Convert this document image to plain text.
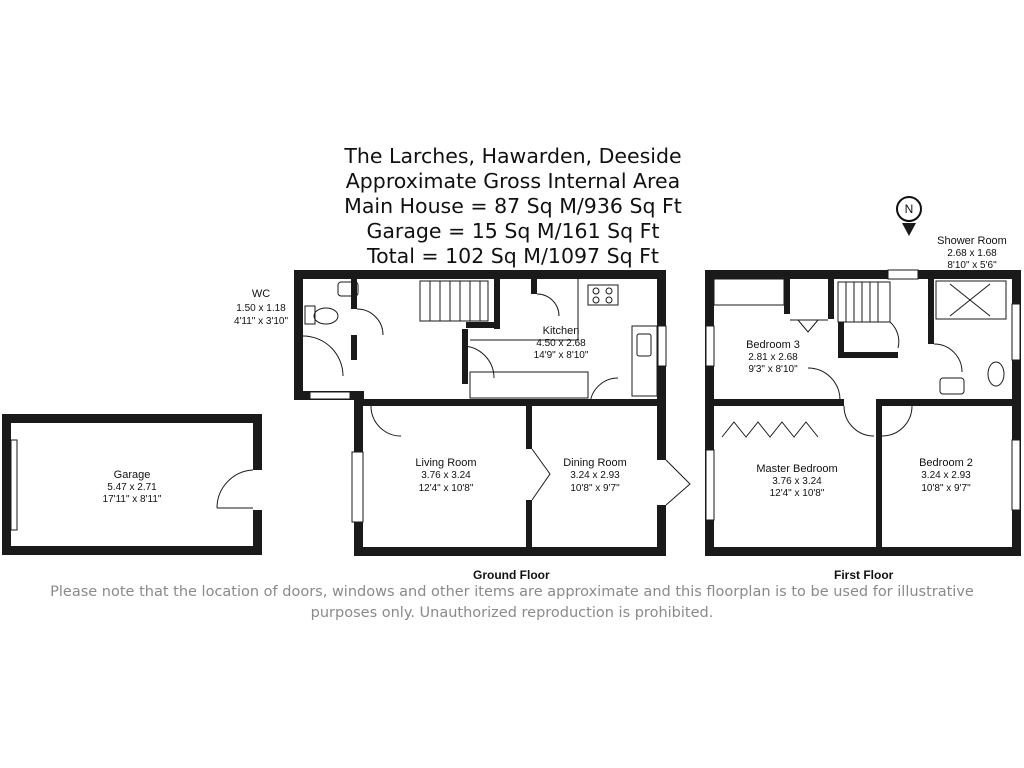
WC
1.50 x 1.18
4'11" x 3'10"
Kitchen
4.50 x 2.68
14'9" x 8'10"
Living Room
3.76 x 3.24
12'4" x 10'8"
Dining Room
3.24 x 2.93
10'8" x 9'7"
Garage
5.47 x 2.71
17'11" x 8'11"
Bedroom 3
2.81 x 2.68
9'3" x 8'10"
Shower Room
2.68 x 1.68
8'10" x 5'6"
Master Bedroom
3.76 x 3.24
12'4" x 10'8"
Bedroom 2
3.24 x 2.93
10'8" x 9'7"
The Larches, Hawarden, Deeside
Approximate Gross Internal Area
Main House = 87 Sq M/936 Sq Ft
Garage = 15 Sq M/161 Sq Ft
Total = 102 Sq M/1097 Sq Ft
N
Ground Floor	First Floor
Please note that the location of doors, windows and other items are approximate and this floorplan is to be used for illustrative
purposes only. Unauthorized reproduction is prohibited.
